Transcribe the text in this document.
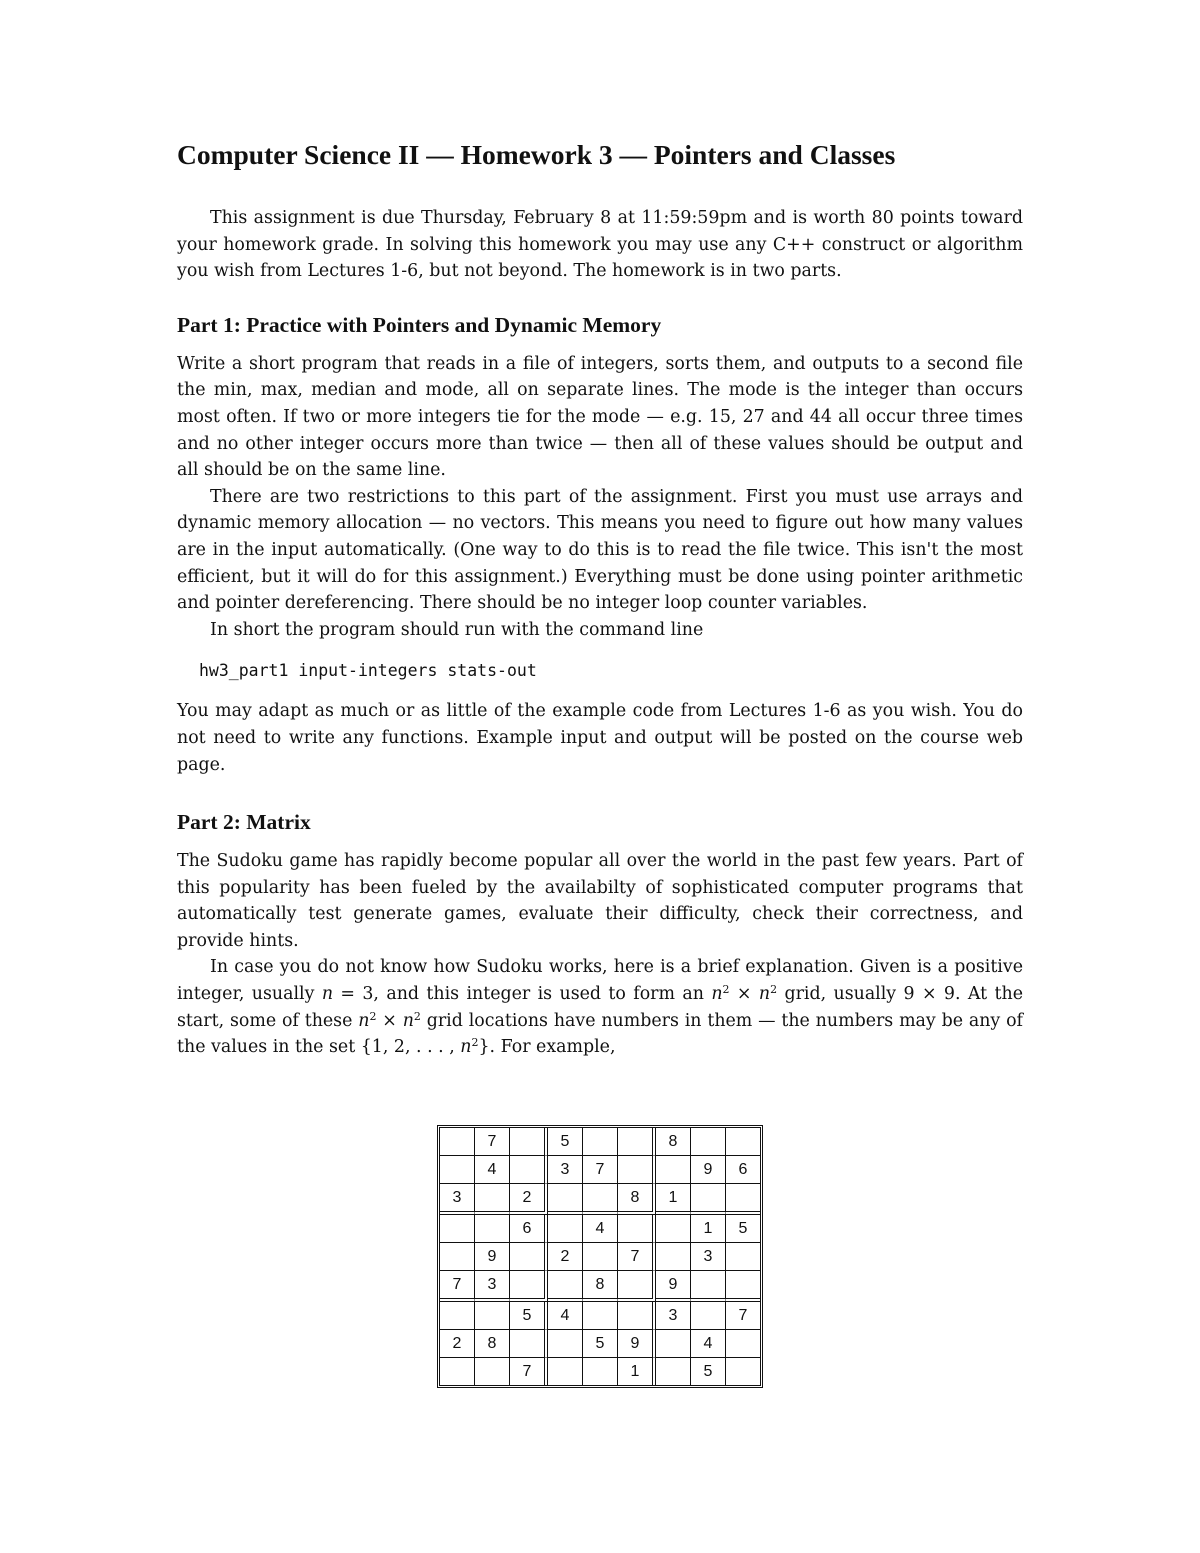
Computer Science II — Homework 3 — Pointers and Classes

This assignment is due Thursday, February 8 at 11:59:59pm and is worth 80 points toward your homework grade. In solving this homework you may use any C++ construct or algorithm you wish from Lectures 1-6, but not beyond. The homework is in two parts.

Part 1: Practice with Pointers and Dynamic Memory

Write a short program that reads in a file of integers, sorts them, and outputs to a second file the min, max, median and mode, all on separate lines. The mode is the integer than occurs most often. If two or more integers tie for the mode — e.g. 15, 27 and 44 all occur three times and no other integer occurs more than twice — then all of these values should be output and all should be on the same line.

There are two restrictions to this part of the assignment. First you must use arrays and dynamic memory allocation — no vectors. This means you need to figure out how many values are in the input automatically. (One way to do this is to read the file twice. This isn't the most efficient, but it will do for this assignment.) Everything must be done using pointer arithmetic and pointer dereferencing. There should be no integer loop counter variables.

In short the program should run with the command line

hw3_part1 input-integers stats-out

You may adapt as much or as little of the example code from Lectures 1-6 as you wish. You do not need to write any functions. Example input and output will be posted on the course web page.

Part 2: Matrix

The Sudoku game has rapidly become popular all over the world in the past few years. Part of this popularity has been fueled by the availabilty of sophisticated computer programs that automatically test generate games, evaluate their difficulty, check their correctness, and provide hints.

In case you do not know how Sudoku works, here is a brief explanation. Given is a positive integer, usually n = 3, and this integer is used to form an $n^2 \times n^2$ grid, usually 9 × 9. At the start, some of these $n^2 \times n^2$ grid locations have numbers in them — the numbers may be any of the values in the set {1, 2, . . . , $n^2$}. For example,

	7		5			8		
	4		3	7			9	6
3		2			8	1		
		6		4			1	5
	9		2		7		3	
7	3			8		9		
		5	4			3		7
2	8			5	9		4	
		7			1		5	
